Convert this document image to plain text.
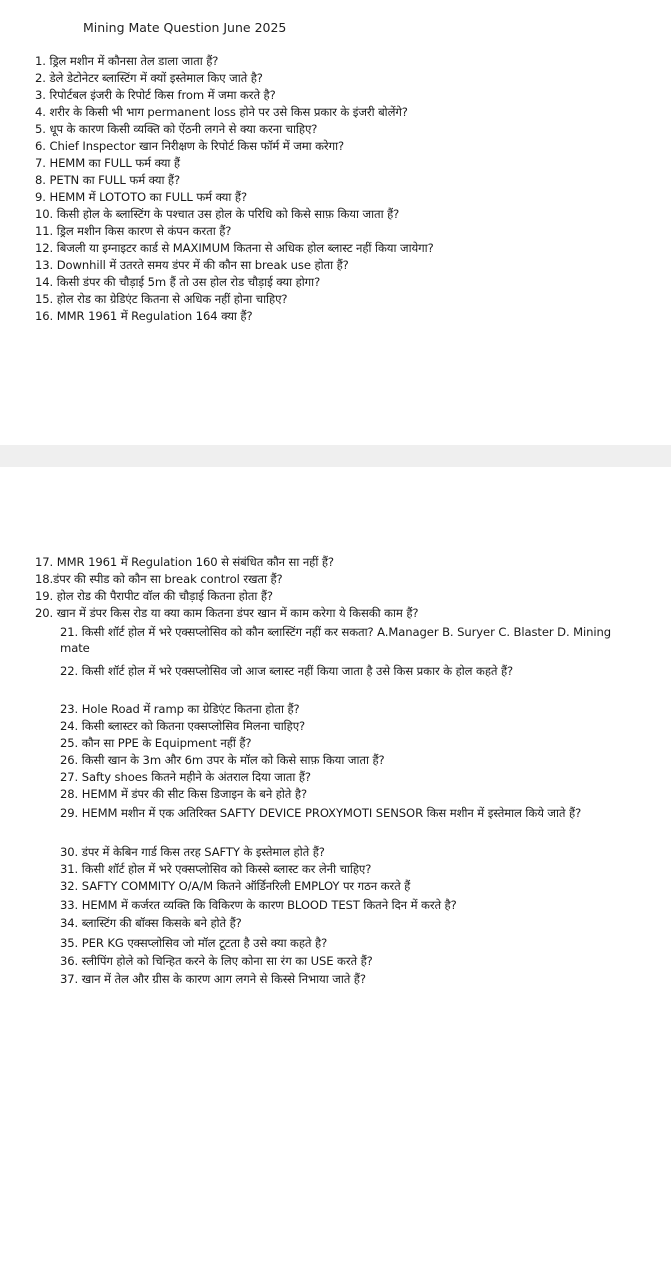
Mining Mate Question June 2025
1. ड्रिल मशीन में कौनसा तेल डाला जाता हैं?
2. डेले डेटोनेटर ब्लास्टिंग में क्यों इस्तेमाल किए जाते है?
3. रिपोर्टबल इंजरी के रिपोर्ट किस from में जमा करते है?
4. शरीर के किसी भी भाग permanent loss होने पर उसे किस प्रकार के इंजरी बोलेंगे?
5. धूप के कारण किसी व्यक्ति को ऐंठनी लगने से क्या करना चाहिए?
6. Chief Inspector खान निरीक्षण के रिपोर्ट किस फॉर्म में जमा करेगा?
7. HEMM का FULL फर्म क्या हैं
8. PETN का FULL फर्म क्या हैं?
9. HEMM में LOTOTO का FULL फर्म क्या हैं?
10. किसी होल के ब्लास्टिंग के पश्चात उस होल के परिधि को किसे साफ़ किया जाता हैं?
11. ड्रिल मशीन किस कारण से कंपन करता हैं?
12. बिजली या इग्नाइटर कार्ड से MAXIMUM कितना से अधिक होल ब्लास्ट नहीं किया जायेगा?
13. Downhill में उतरते समय डंपर में की कौन सा break use होता हैं?
14. किसी डंपर की चौड़ाई 5m हैं तो उस होल रोड चौड़ाई क्या होगा?
15. होल रोड का ग्रेडिएंट कितना से अधिक नहीं होना चाहिए?
16. MMR 1961 में Regulation 164 क्या हैं?
17. MMR 1961 में Regulation 160 से संबंधित कौन सा नहीं हैं?
18.डंपर की स्पीड को कौन सा break control रखता हैं?
19. होल रोड की पैरापीट वॉल की चौड़ाई कितना होता हैं?
20. खान में डंपर किस रोड या क्या काम कितना डंपर खान में काम करेगा ये किसकी काम हैं?
21. किसी शॉर्ट होल में भरे एक्सप्लोसिव को कौन ब्लास्टिंग नहीं कर सकता? A.Manager B. Suryer C. Blaster D. Mining mate
22. किसी शॉर्ट होल में भरे एक्सप्लोसिव जो आज ब्लास्ट नहीं किया जाता है उसे किस प्रकार के होल कहते हैं?
23. Hole Road में ramp का ग्रेडिएंट कितना होता हैं?
24. किसी ब्लास्टर को कितना एक्सप्लोसिव मिलना चाहिए?
25. कौन सा PPE के Equipment नहीं हैं?
26. किसी खान के 3m और 6m उपर के मॉल को किसे साफ़ किया जाता हैं?
27. Safty shoes कितने महीने के अंतराल दिया जाता हैं?
28. HEMM में डंपर की सीट किस डिजाइन के बने होते है?
29. HEMM मशीन में एक अतिरिक्त SAFTY DEVICE PROXYMOTI SENSOR किस मशीन में इस्तेमाल किये जाते हैं?
30. डंपर में केबिन गार्ड किस तरह SAFTY के इस्तेमाल होते हैं?
31. किसी शॉर्ट होल में भरे एक्सप्लोसिव को किस्से ब्लास्ट कर लेनी चाहिए?
32. SAFTY COMMITY O/A/M कितने ऑर्डिनरिली EMPLOY पर गठन करते हैं
33. HEMM में कर्जरत व्यक्ति कि विकिरण के कारण BLOOD TEST कितने दिन में करते है?
34. ब्लास्टिंग की बॉक्स किसके बने होते हैं?
35. PER KG एक्सप्लोसिव जो मॉल टूटता है उसे क्या कहते है?
36. स्लीपिंग होले को चिन्हित करने के लिए कोना सा रंग का USE करते हैं?
37. खान में तेल और ग्रीस के कारण आग लगने से किस्से निभाया जाते हैं?
